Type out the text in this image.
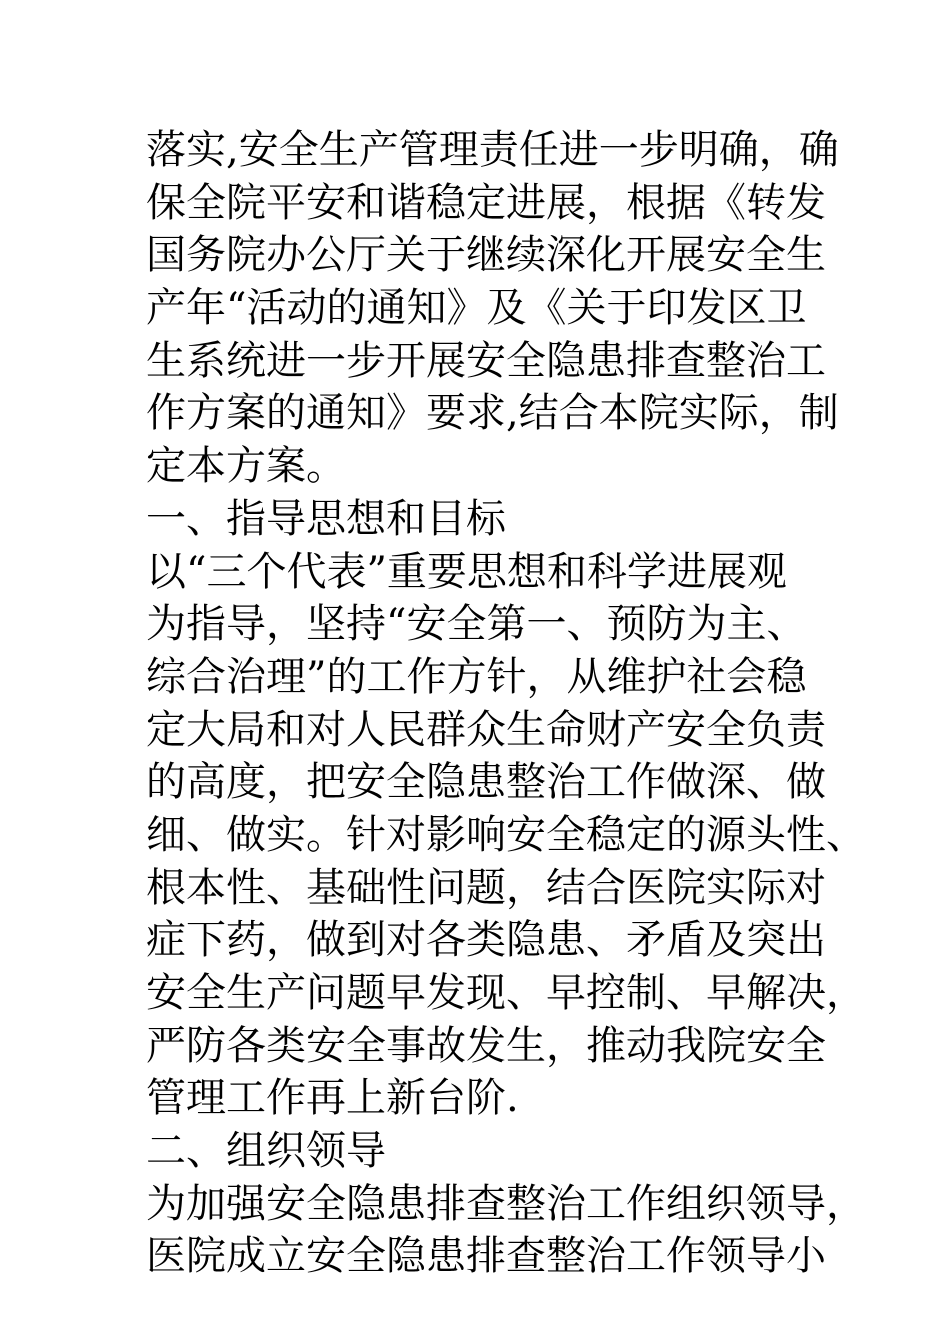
落实,安全生产管理责任进一步明确，确
保全院平安和谐稳定进展，根据《转发
国务院办公厅关于继续深化开展安全生
产年“活动的通知》及《关于印发区卫
生系统进一步开展安全隐患排查整治工
作方案的通知》要求,结合本院实际，制
定本方案。
一、指导思想和目标
以“三个代表”重要思想和科学进展观
为指导，坚持“安全第一、预防为主、
综合治理”的工作方针，从维护社会稳
定大局和对人民群众生命财产安全负责
的高度，把安全隐患整治工作做深、做
细、做实。针对影响安全稳定的源头性、
根本性、基础性问题，结合医院实际对
症下药，做到对各类隐患、矛盾及突出
安全生产问题早发现、早控制、早解决，
严防各类安全事故发生，推动我院安全
管理工作再上新台阶.
二、组织领导
为加强安全隐患排查整治工作组织领导，
医院成立安全隐患排查整治工作领导小
